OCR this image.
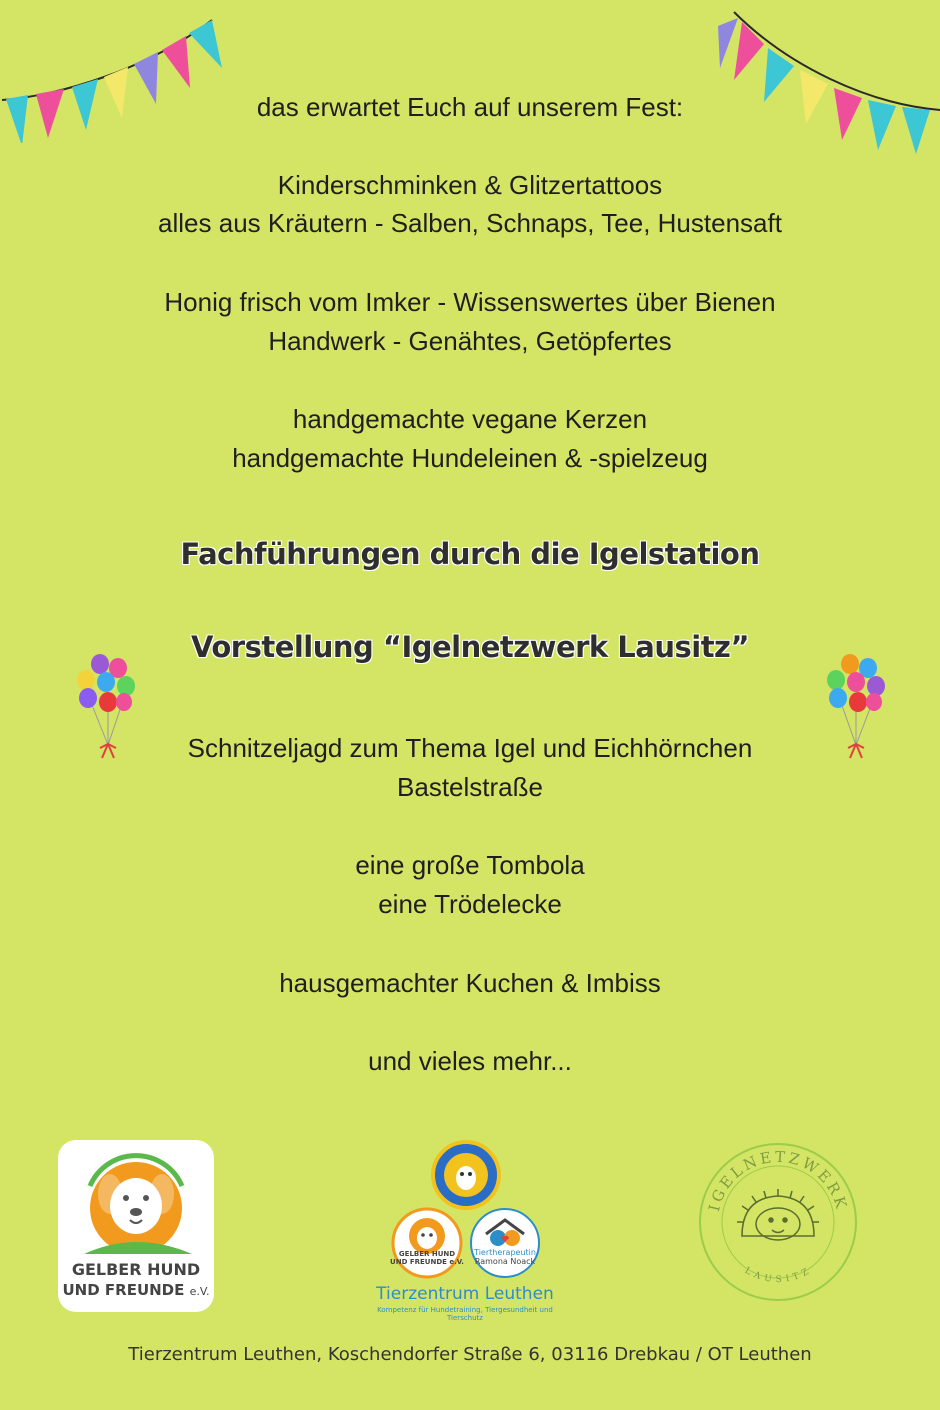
das erwartet Euch auf unserem Fest:
Kinderschminken & Glitzertattoos
alles aus Kräutern - Salben, Schnaps, Tee, Hustensaft
Honig frisch vom Imker - Wissenswertes über Bienen
Handwerk - Genähtes, Getöpfertes
handgemachte vegane Kerzen
handgemachte Hundeleinen & -spielzeug
Fachführungen durch die Igelstation
Vorstellung “Igelnetzwerk Lausitz”
Schnitzeljagd zum Thema Igel und Eichhörnchen
Bastelstraße
eine große Tombola
eine Trödelecke
hausgemachter Kuchen & Imbiss
und vieles mehr...
GELBER HUND
UND FREUNDE e.V.
GELBER HUND
UND FREUNDE e.V.
Tiertherapeutin
Ramona Noack
Tierzentrum Leuthen
Kompetenz für Hundetraining, Tiergesundheit und Tierschutz
IGELNETZWERK
LAUSITZ
Tierzentrum Leuthen, Koschendorfer Straße 6, 03116 Drebkau / OT Leuthen
